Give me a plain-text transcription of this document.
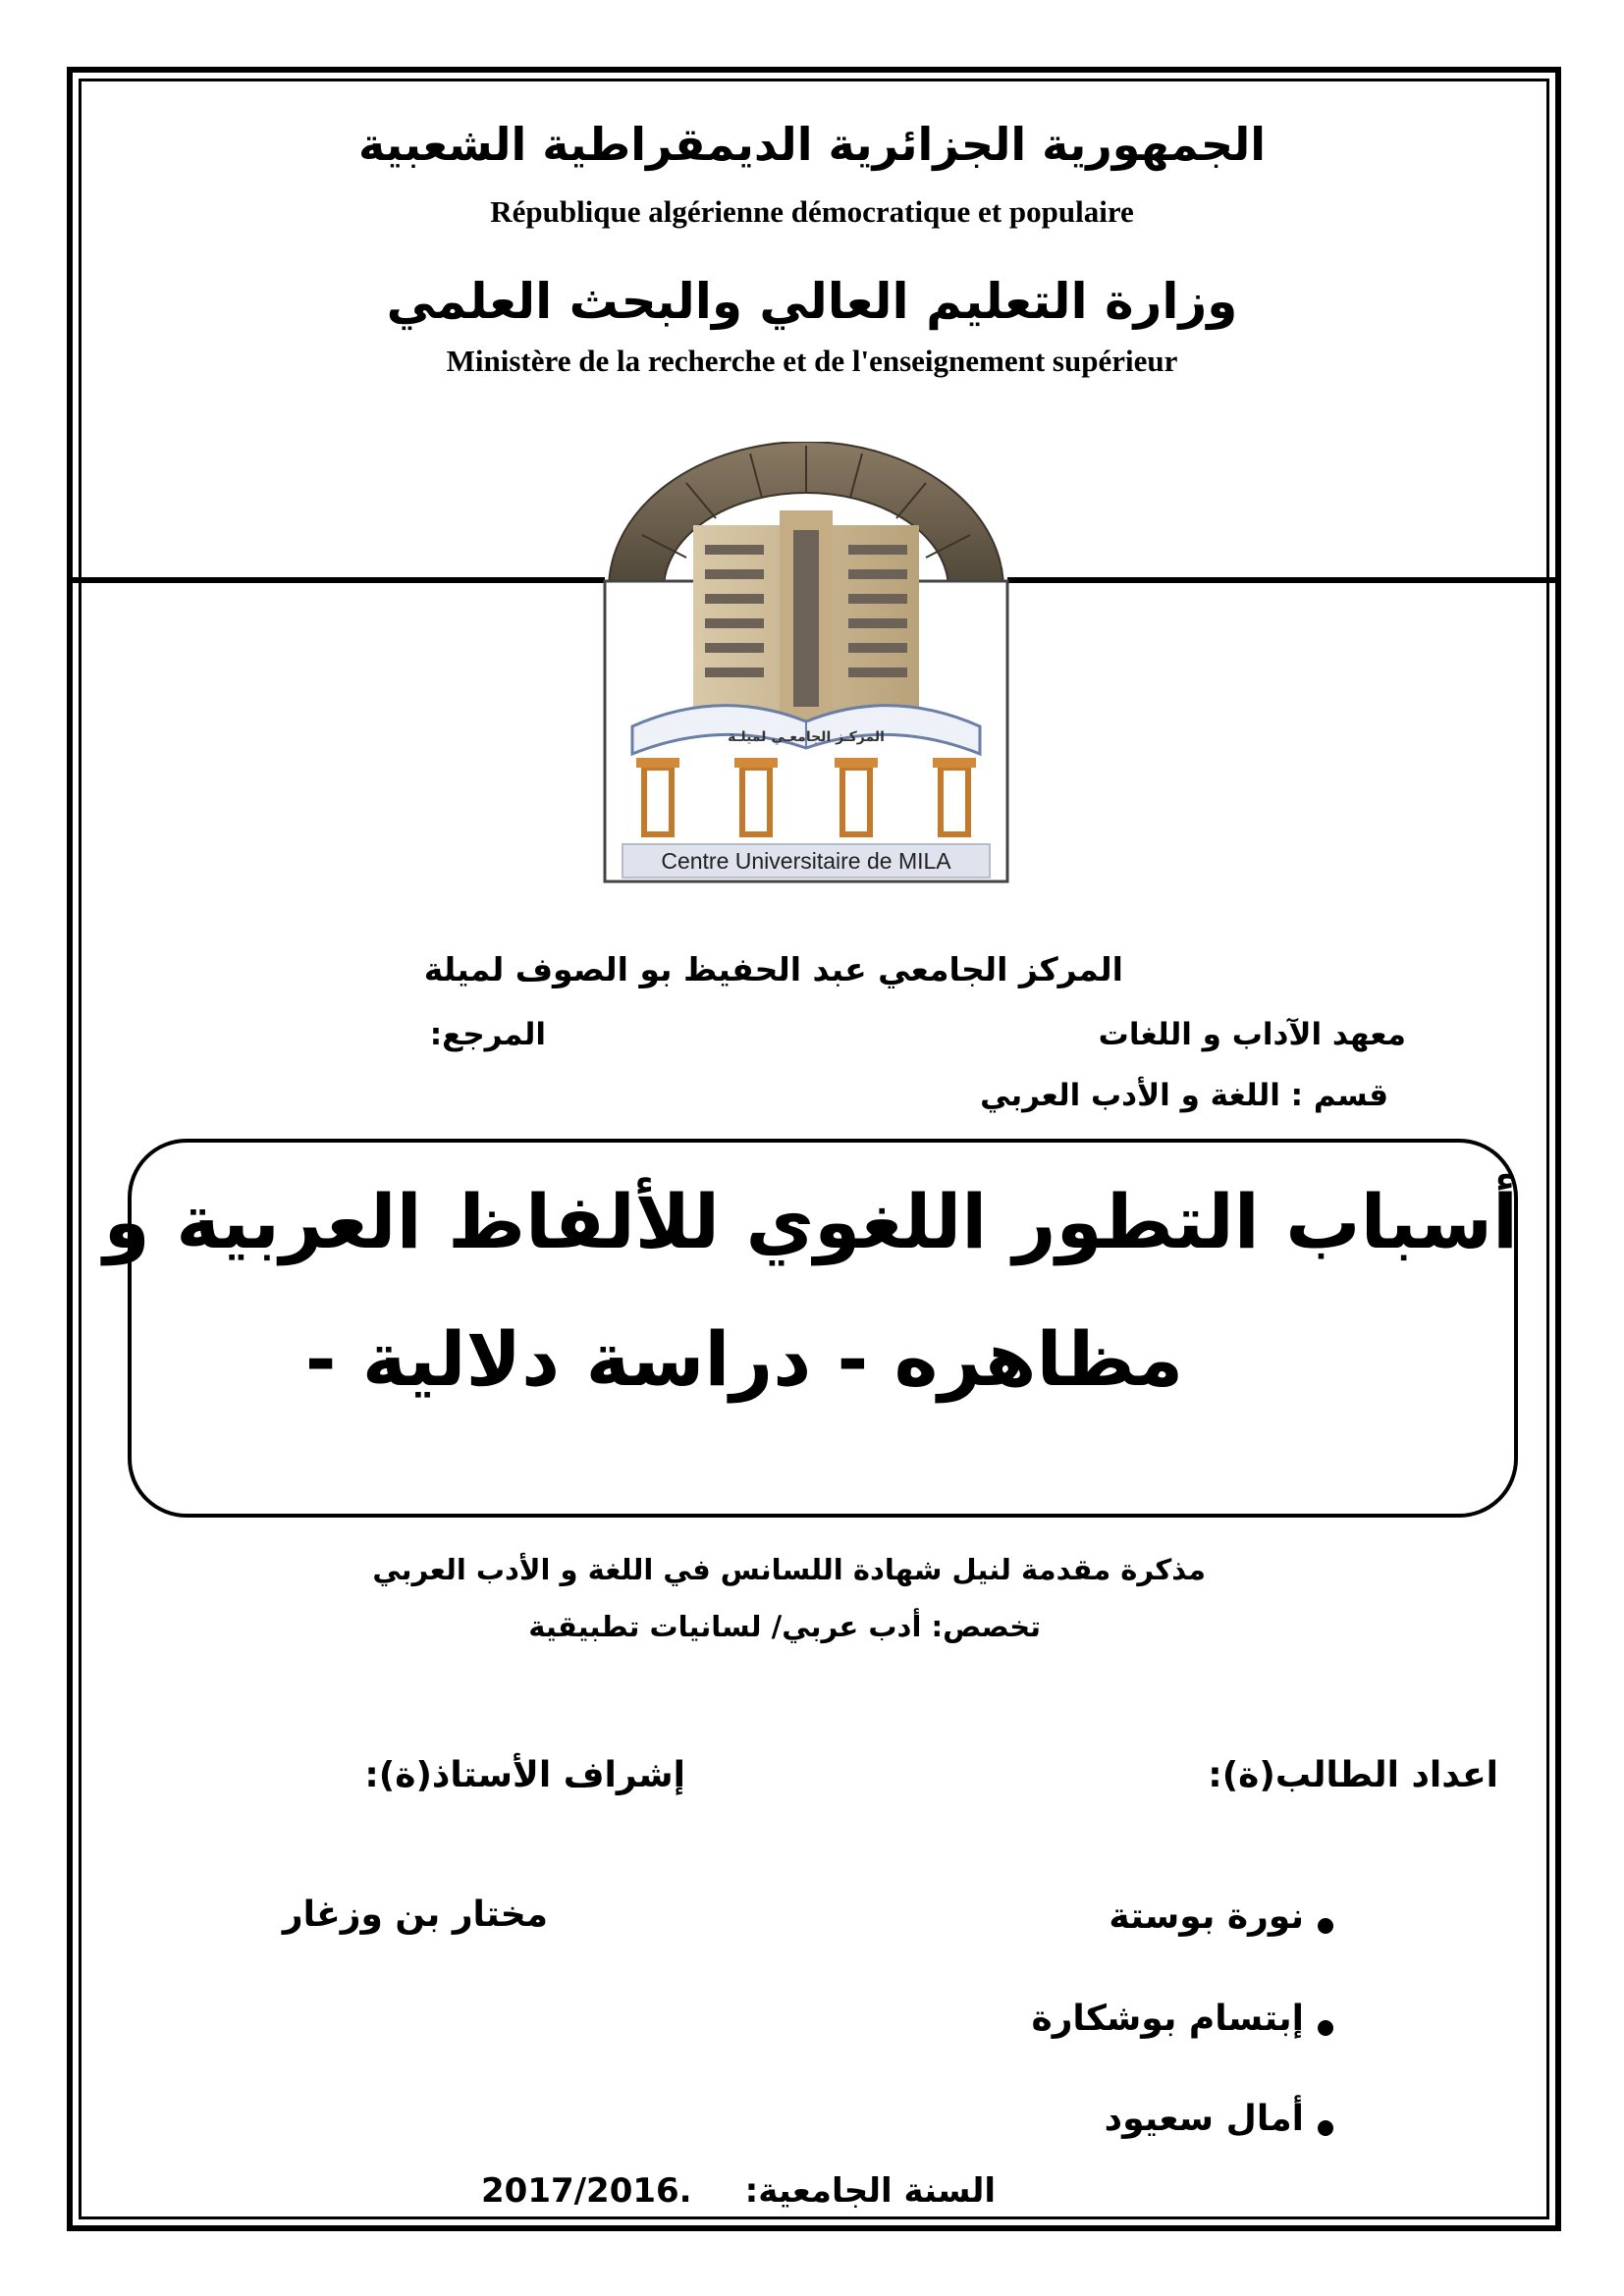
الجمهورية الجزائرية الديمقراطية الشعبية
République algérienne démocratique et populaire
وزارة التعليم العالي والبحث العلمي
Ministère de la recherche et de l'enseignement supérieur
المركـز الجامعـي لميلـة
Centre Universitaire de MILA
المركز الجامعي عبد الحفيظ بو الصوف لميلة
معهد الآداب و اللغات
المرجع:
قسم : اللغة و الأدب العربي
أسباب التطور اللغوي للألفاظ العربية و
مظاهره - دراسة دلالية -
مذكرة مقدمة لنيل شهادة اللسانس في اللغة و الأدب العربي
تخصص: أدب عربي/ لسانيات تطبيقية
اعداد الطالب(ة):
إشراف الأستاذ(ة):
نورة بوستة
إبتسام بوشكارة
أمال سعيود
مختار بن وزغار
السنة الجامعية:
2017/2016.
